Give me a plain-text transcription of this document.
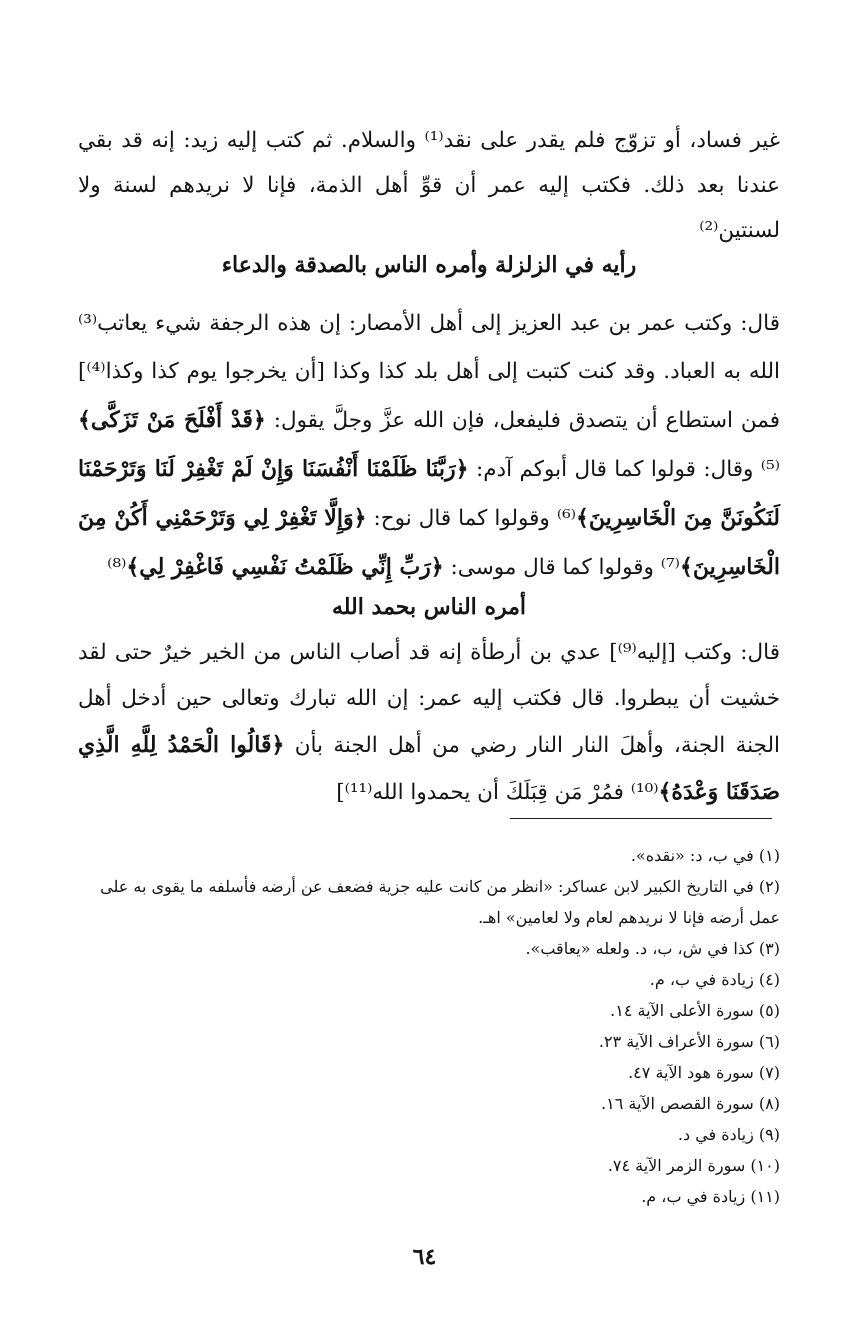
غير فساد، أو تزوّج فلم يقدر على نقد⁽¹⁾ والسلام. ثم كتب إليه زيد: إنه قد بقي عندنا بعد ذلك. فكتب إليه عمر أن قوِّ أهل الذمة، فإنا لا نريدهم لسنة ولا لسنتين⁽²⁾

رأيه في الزلزلة وأمره الناس بالصدقة والدعاء

قال: وكتب عمر بن عبد العزيز إلى أهل الأمصار: إن هذه الرجفة شيء يعاتب⁽³⁾ الله به العباد. وقد كنت كتبت إلى أهل بلد كذا وكذا [أن يخرجوا يوم كذا وكذا⁽⁴⁾] فمن استطاع أن يتصدق فليفعل، فإن الله عزَّ وجلَّ يقول: ﴿قَدْ أَفْلَحَ مَنْ تَزَكَّى﴾⁽⁵⁾ وقال: قولوا كما قال أبوكم آدم: ﴿رَبَّنَا ظَلَمْنَا أَنْفُسَنَا وَإِنْ لَمْ تَغْفِرْ لَنَا وَتَرْحَمْنَا لَنَكُونَنَّ مِنَ الْخَاسِرِينَ﴾⁽⁶⁾ وقولوا كما قال نوح: ﴿وَإِلَّا تَغْفِرْ لِي وَتَرْحَمْنِي أَكُنْ مِنَ الْخَاسِرِينَ﴾⁽⁷⁾ وقولوا كما قال موسى: ﴿رَبِّ إِنِّي ظَلَمْتُ نَفْسِي فَاغْفِرْ لِي﴾⁽⁸⁾

أمره الناس بحمد الله

قال: وكتب [إليه⁽⁹⁾] عدي بن أرطأة إنه قد أصاب الناس من الخير خيرٌ حتى لقد خشيت أن يبطروا. قال فكتب إليه عمر: إن الله تبارك وتعالى حين أدخل أهل الجنة الجنة، وأهلَ النار النار رضي من أهل الجنة بأن ﴿قَالُوا الْحَمْدُ لِلَّهِ الَّذِي صَدَقَنَا وَعْدَهُ﴾⁽¹⁰⁾ فمُرْ مَن قِبَلَكَ أن يحمدوا الله⁽¹¹⁾]

(١) في ب، د: «نقده».
(٢) في التاريخ الكبير لابن عساكر: «انظر من كانت عليه جزية فضعف عن أرضه فأسلفه ما يقوى به على عمل أرضه فإنا لا نريدهم لعام ولا لعامين» اهـ.
(٣) كذا في ش، ب، د. ولعله «يعاقب».
(٤) زيادة في ب، م.
(٥) سورة الأعلى الآية ١٤.
(٦) سورة الأعراف الآية ٢٣.
(٧) سورة هود الآية ٤٧.
(٨) سورة القصص الآية ١٦.
(٩) زيادة في د.
(١٠) سورة الزمر الآية ٧٤.
(١١) زيادة في ب، م.
٦٤
